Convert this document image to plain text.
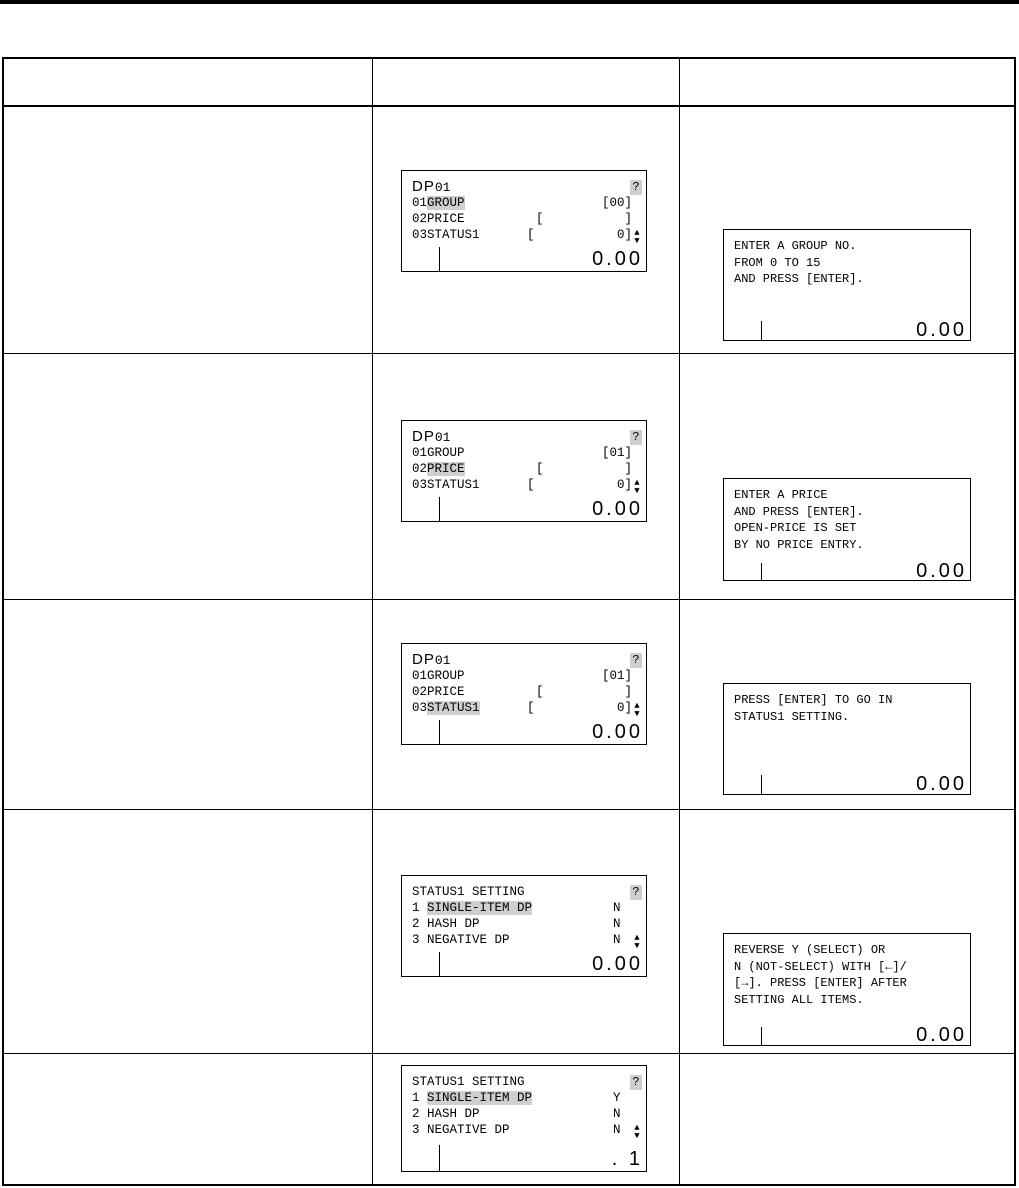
DP01	?
01GROUP	[00]
02PRICE	[	]
03STATUS1	[	0] ▲
▼
0.00
ENTER A GROUP NO.
FROM 0 TO 15
AND PRESS [ENTER].
0.00
DP01	?
01GROUP	[01]
02PRICE	[	]
03STATUS1	[	0] ▲
▼
0.00
ENTER A PRICE
AND PRESS [ENTER].
OPEN-PRICE IS SET
BY NO PRICE ENTRY.
0.00
DP01	?
01GROUP	[01]
02PRICE	[	]
03STATUS1	[	0] ▲
▼
0.00
PRESS [ENTER] TO GO IN
STATUS1 SETTING.
0.00
STATUS1 SETTING	?
1 SINGLE-ITEM DP	N
2 HASH DP	N
3 NEGATIVE DP	N ▲
▼
0.00
REVERSE Y (SELECT) OR
N (NOT-SELECT) WITH [←]/
[→]. PRESS [ENTER] AFTER
SETTING ALL ITEMS.
0.00
STATUS1 SETTING	?
1 SINGLE-ITEM DP	Y
2 HASH DP	N
3 NEGATIVE DP	N ▲
▼
. 1
